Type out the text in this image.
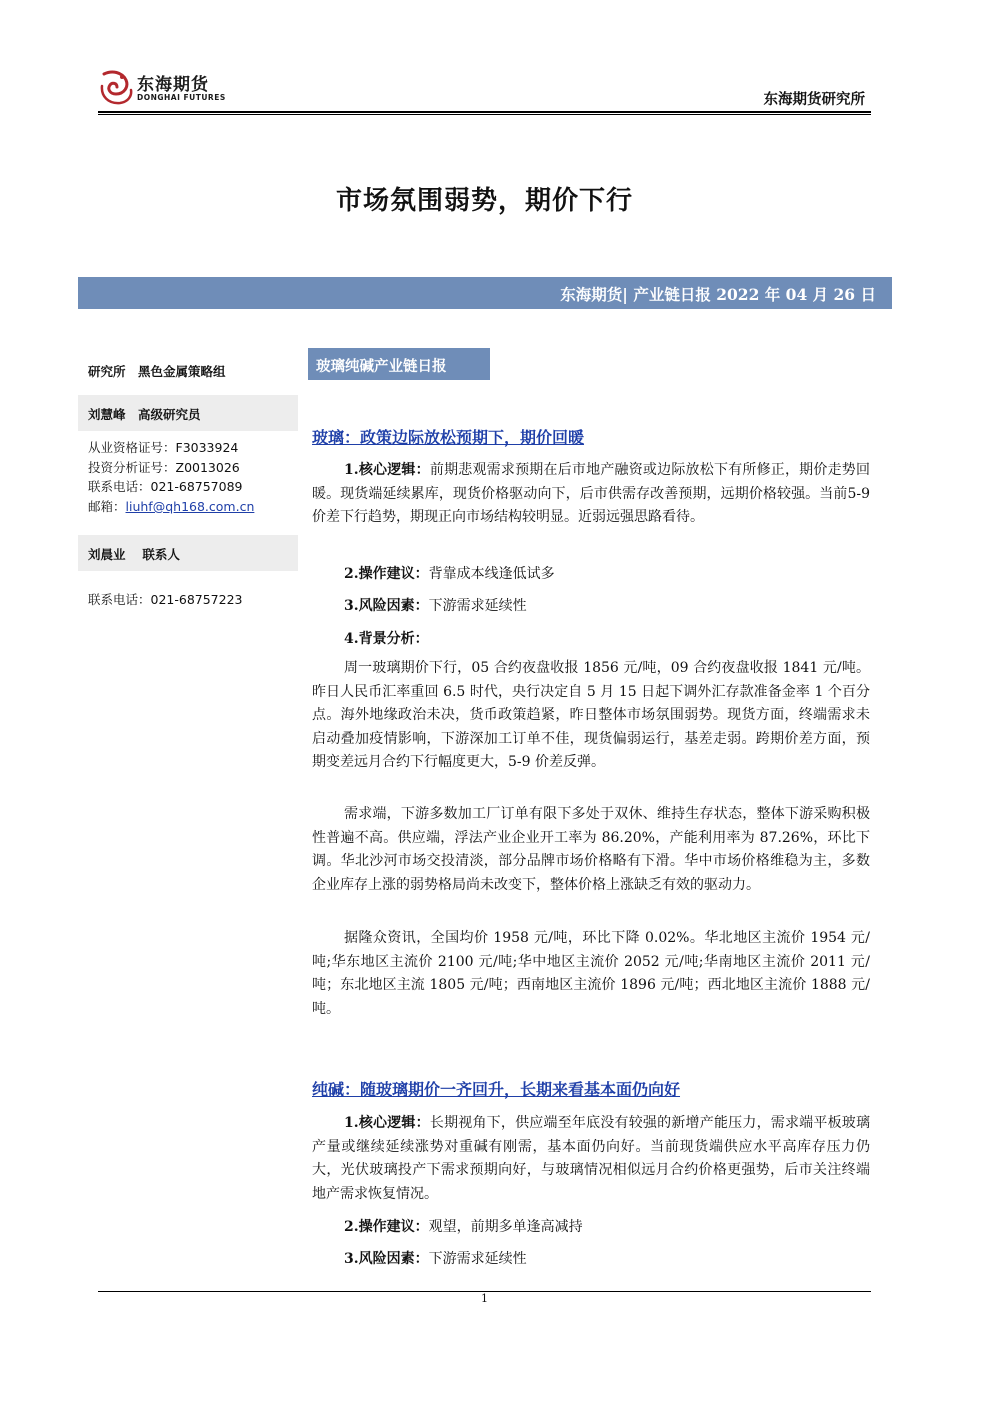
东海期货
DONGHAI FUTURES	东海期货研究所
市场氛围弱势，期价下行
东海期货| 产业链日报 2022 年 04 月 26 日
研究所　黑色金属策略组
刘慧峰　高级研究员
从业资格证号：F3033924
投资分析证号：Z0013026
联系电话：021-68757089
邮箱：liuhf@qh168.com.cn
刘晨业　 联系人
联系电话：021-68757223
玻璃纯碱产业链日报
玻璃：政策边际放松预期下，期价回暖
1.核心逻辑：前期悲观需求预期在后市地产融资或边际放松下有所修正，期价走势回暖。现货端延续累库，现货价格驱动向下，后市供需存改善预期，远期价格较强。当前5-9价差下行趋势，期现正向市场结构较明显。近弱远强思路看待。
2.操作建议：背靠成本线逢低试多
3.风险因素：下游需求延续性
4.背景分析：
周一玻璃期价下行，05 合约夜盘收报 1856 元/吨，09 合约夜盘收报 1841 元/吨。昨日人民币汇率重回 6.5 时代，央行决定自 5 月 15 日起下调外汇存款准备金率 1 个百分点。海外地缘政治未决，货币政策趋紧，昨日整体市场氛围弱势。现货方面，终端需求未启动叠加疫情影响，下游深加工订单不佳，现货偏弱运行，基差走弱。跨期价差方面，预期变差远月合约下行幅度更大，5-9 价差反弹。
需求端，下游多数加工厂订单有限下多处于双休、维持生存状态，整体下游采购积极性普遍不高。供应端，浮法产业企业开工率为 86.20%，产能利用率为 87.26%，环比下调。华北沙河市场交投清淡，部分品牌市场价格略有下滑。华中市场价格维稳为主，多数企业库存上涨的弱势格局尚未改变下，整体价格上涨缺乏有效的驱动力。
据隆众资讯，全国均价 1958 元/吨，环比下降 0.02%。华北地区主流价 1954 元/吨;华东地区主流价 2100 元/吨;华中地区主流价 2052 元/吨;华南地区主流价 2011 元/吨；东北地区主流 1805 元/吨；西南地区主流价 1896 元/吨；西北地区主流价 1888 元/吨。
纯碱：随玻璃期价一齐回升，长期来看基本面仍向好
1.核心逻辑：长期视角下，供应端至年底没有较强的新增产能压力，需求端平板玻璃产量或继续延续涨势对重碱有刚需，基本面仍向好。当前现货端供应水平高库存压力仍大，光伏玻璃投产下需求预期向好，与玻璃情况相似远月合约价格更强势，后市关注终端地产需求恢复情况。
2.操作建议：观望，前期多单逢高减持
3.风险因素：下游需求延续性
1
